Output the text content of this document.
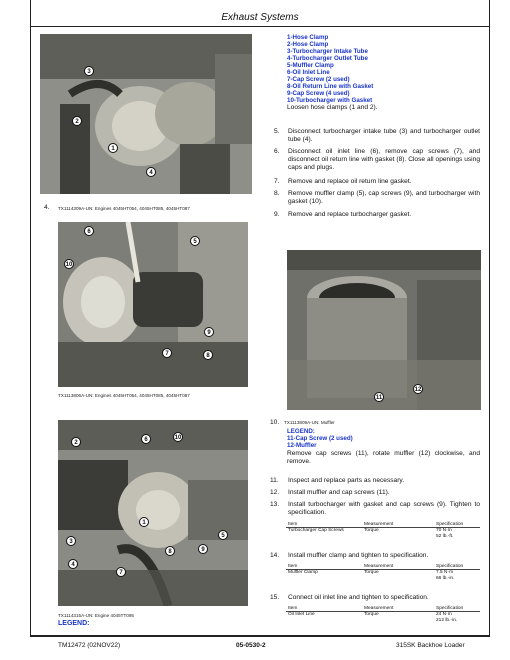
Exhaust Systems
TX1114309A-UN: Engines 4045HT054, 4045HT085, 4045HT087
3
2
1
4
4.
TX1113806A-UN: Engines 4045HT054, 4045HT085, 4045HT087
6
5
10
9
7	8
1-Hose Clamp
2-Hose Clamp
3-Turbocharger Intake Tube
4-Turbocharger Outlet Tube
5-Muffler Clamp
6-Oil Inlet Line
7-Cap Screw (2 used)
8-Oil Return Line with Gasket
9-Cap Screw (4 used)
10-Turbocharger with Gasket
Loosen hose clamps (1 and 2).
5.	Disconnect turbocharger intake tube (3) and turbocharger outlet tube (4).
6.	Disconnect oil inlet line (6), remove cap screws (7), and disconnect oil return line with gasket (8). Close all openings using caps and plugs.
7.	Remove and replace oil return line gasket.
8.	Remove muffler clamp (5), cap screws (9), and turbocharger with gasket (10).
9.	Remove and replace turbocharger gasket.
12
11
10.	TX1113809A-UN: Muffler
LEGEND:
11-Cap Screw (2 used)
12-Muffler
Remove cap screws (11), rotate muffler (12) clockwise, and remove.
11.	Inspect and replace parts as necessary.
12.	Install muffler and cap screws (11).
13.	Install turbocharger with gasket and cap screws (9). Tighten to specification.
Item	Measurement	Specification
Turbocharger Cap Screws	Torque	70 N·m
52 lb.-ft.
14.	Install muffler clamp and tighten to specification.
Item	Measurement	Specification
Muffler Clamp	Torque	7.5 N·m
66 lb.-in.
15.	Connect oil inlet line and tighten to specification.
Item	Measurement	Specification
Oil Inlet Line	Torque	24 N·m
212 lb.-in.
2	6	10
1
5
3
8	9
4
7
TX1114315A-UN: Engine 4045TT095
LEGEND:
TM12472 (02NOV22)	05-0530-2	315SK Backhoe Loader
